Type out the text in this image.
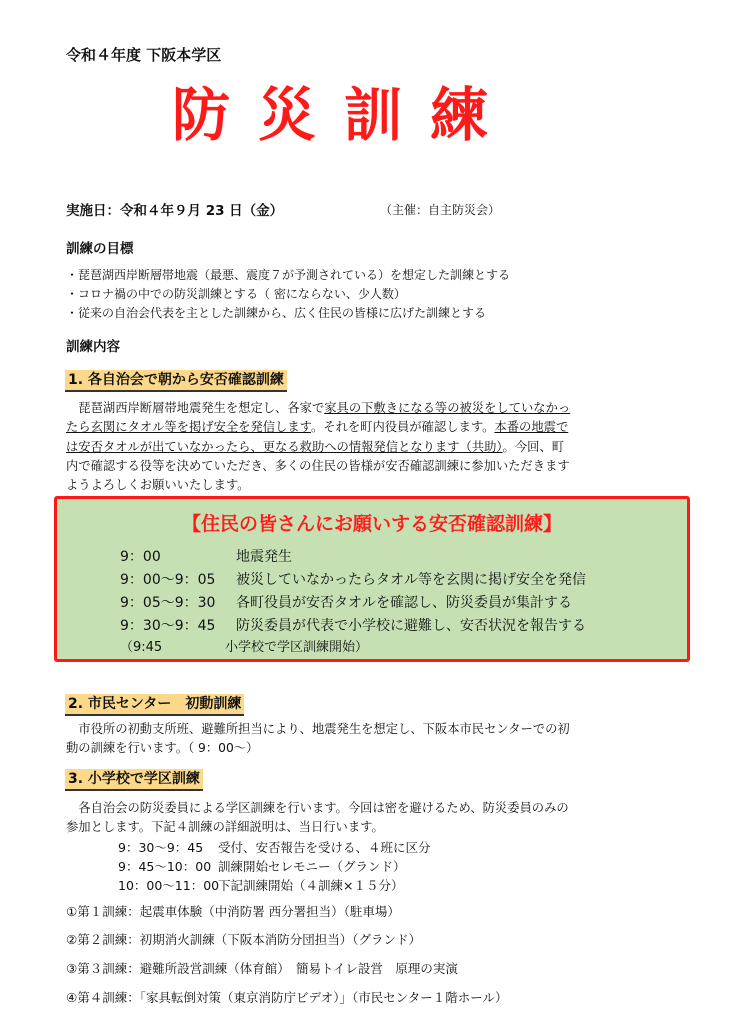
令和４年度 下阪本学区
防災訓練
実施日：令和４年９月 23 日（金）	（主催：自主防災会）
訓練の目標
・琵琶湖西岸断層帯地震（最悪、震度７が予測されている）を想定した訓練とする
・コロナ禍の中での防災訓練とする（ 密にならない、少人数）
・従来の自治会代表を主とした訓練から、広く住民の皆様に広げた訓練とする
訓練内容
1. 各自治会で朝から安否確認訓練
　琵琶湖西岸断層帯地震発生を想定し、各家で家具の下敷きになる等の被災をしていなかっ
たら玄関にタオル等を掲げ安全を発信します。それを町内役員が確認します。本番の地震で
は安否タオルが出ていなかったら、更なる救助への情報発信となります（共助）。今回、町
内で確認する役等を決めていただき、多くの住民の皆様が安否確認訓練に参加いただきます
ようよろしくお願いいたします。
【住民の皆さんにお願いする安否確認訓練】
9：00	地震発生
9：00～9：05 被災していなかったらタオル等を玄関に掲げ安全を発信
9：05～9：30 各町役員が安否タオルを確認し、防災委員が集計する
9：30～9：45 防災委員が代表で小学校に避難し、安否状況を報告する
（9:45	小学校で学区訓練開始）
2. 市民センター　初動訓練
　市役所の初動支所班、避難所担当により、地震発生を想定し、下阪本市民センターでの初
動の訓練を行います。（ 9：00～）
3. 小学校で学区訓練
　各自治会の防災委員による学区訓練を行います。今回は密を避けるため、防災委員のみの
参加とします。下記４訓練の詳細説明は、当日行います。
9：30～9：45 受付、安否報告を受ける、４班に区分
9：45～10：00 訓練開始セレモニー（グランド）
10：00～11：00下記訓練開始（４訓練×１５分）
①第１訓練：起震車体験（中消防署 西分署担当）（駐車場）
②第２訓練：初期消火訓練（下阪本消防分団担当）（グランド）
③第３訓練：避難所設営訓練（体育館）　簡易トイレ設営　原理の実演
④第４訓練：「家具転倒対策（東京消防庁ビデオ）」（市民センター１階ホール）
